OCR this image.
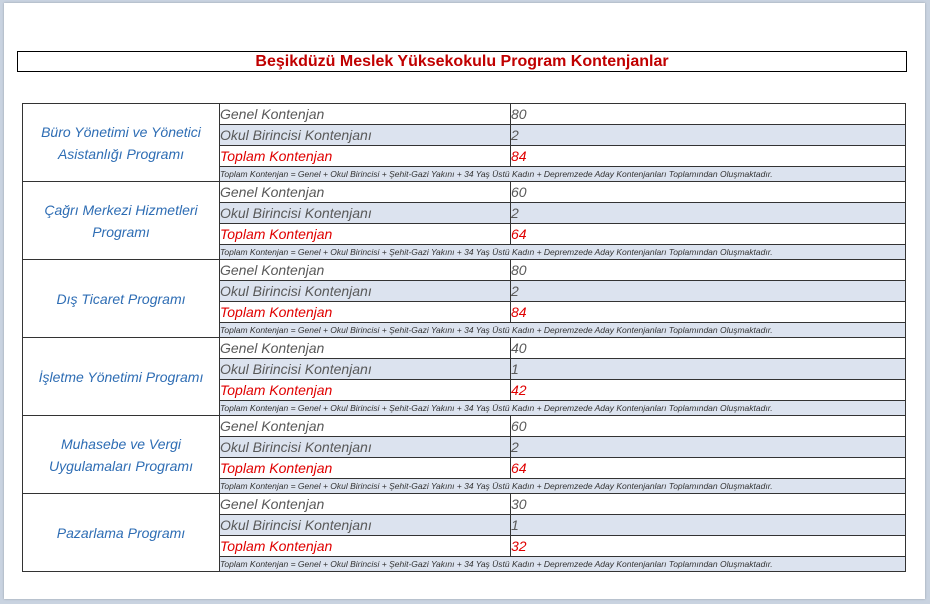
Beşikdüzü Meslek Yüksekokulu Program Kontenjanlar
Büro Yönetimi ve Yönetici Asistanlığı Programı	Genel Kontenjan	80
	Okul Birincisi Kontenjanı	2
	Toplam Kontenjan	84
	Toplam Kontenjan = Genel + Okul Birincisi + Şehit-Gazi Yakını + 34 Yaş Üstü Kadın + Depremzede Aday Kontenjanları Toplamından Oluşmaktadır.	
Çağrı Merkezi Hizmetleri Programı	Genel Kontenjan	60
	Okul Birincisi Kontenjanı	2
	Toplam Kontenjan	64
	Toplam Kontenjan = Genel + Okul Birincisi + Şehit-Gazi Yakını + 34 Yaş Üstü Kadın + Depremzede Aday Kontenjanları Toplamından Oluşmaktadır.	
Dış Ticaret Programı	Genel Kontenjan	80
	Okul Birincisi Kontenjanı	2
	Toplam Kontenjan	84
	Toplam Kontenjan = Genel + Okul Birincisi + Şehit-Gazi Yakını + 34 Yaş Üstü Kadın + Depremzede Aday Kontenjanları Toplamından Oluşmaktadır.	
İşletme Yönetimi Programı	Genel Kontenjan	40
	Okul Birincisi Kontenjanı	1
	Toplam Kontenjan	42
	Toplam Kontenjan = Genel + Okul Birincisi + Şehit-Gazi Yakını + 34 Yaş Üstü Kadın + Depremzede Aday Kontenjanları Toplamından Oluşmaktadır.	
Muhasebe ve Vergi Uygulamaları Programı	Genel Kontenjan	60
	Okul Birincisi Kontenjanı	2
	Toplam Kontenjan	64
	Toplam Kontenjan = Genel + Okul Birincisi + Şehit-Gazi Yakını + 34 Yaş Üstü Kadın + Depremzede Aday Kontenjanları Toplamından Oluşmaktadır.	
Pazarlama Programı	Genel Kontenjan	30
	Okul Birincisi Kontenjanı	1
	Toplam Kontenjan	32
	Toplam Kontenjan = Genel + Okul Birincisi + Şehit-Gazi Yakını + 34 Yaş Üstü Kadın + Depremzede Aday Kontenjanları Toplamından Oluşmaktadır.	
